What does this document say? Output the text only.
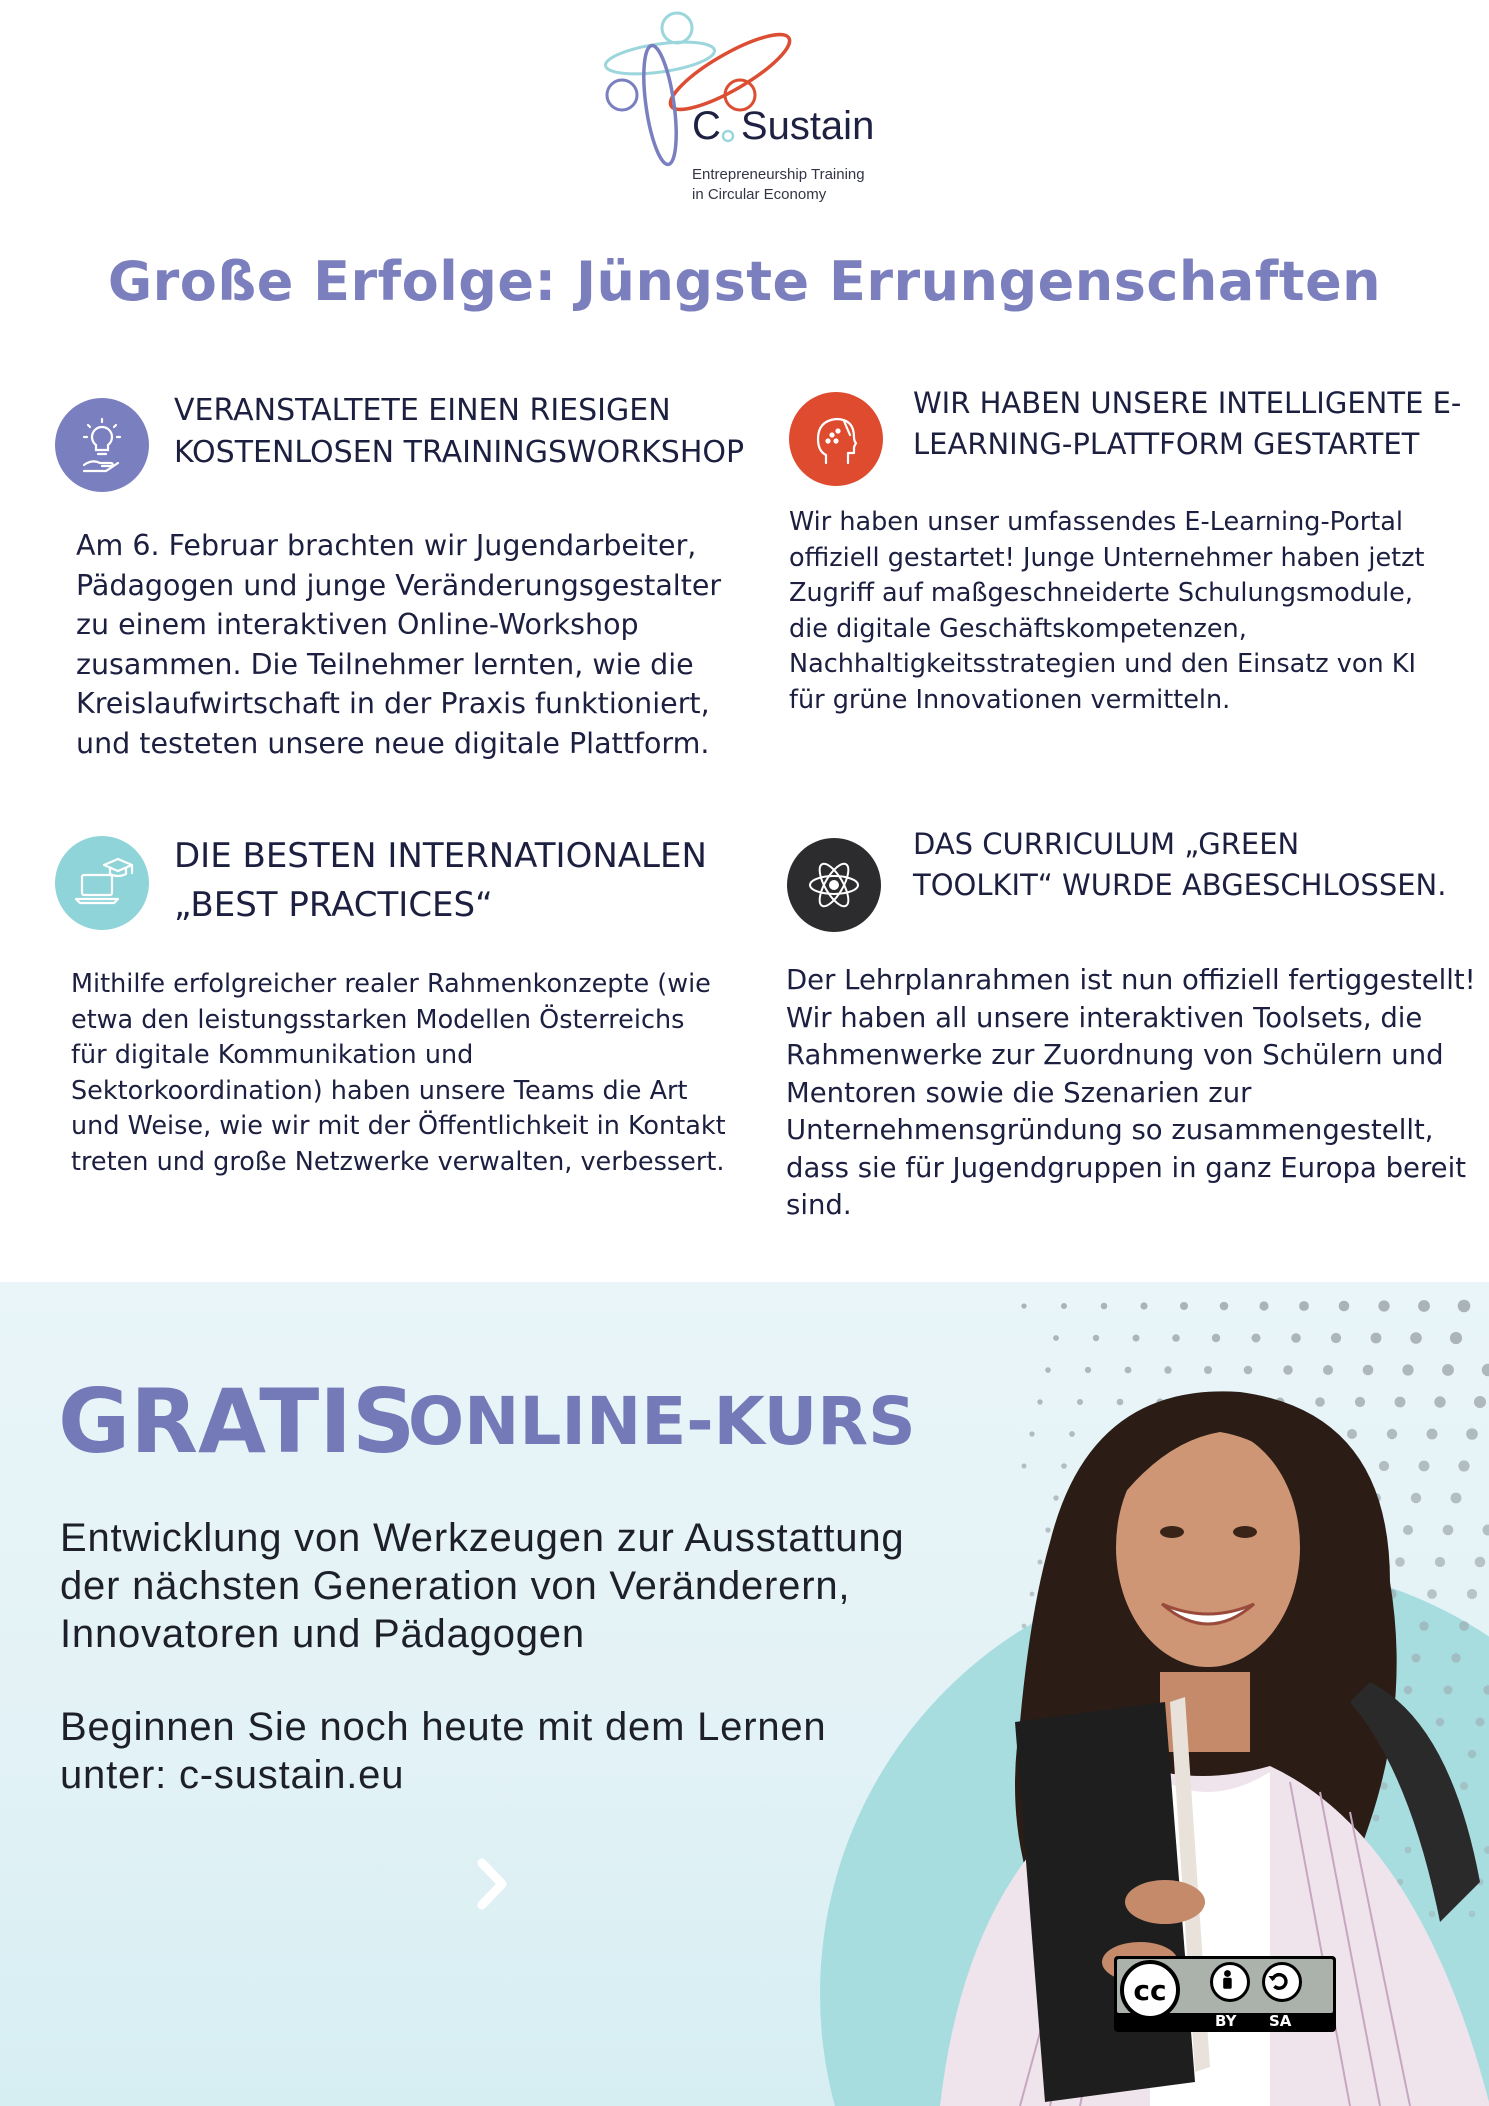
C Sustain
Entrepreneurship Training
in Circular Economy
Große Erfolge: Jüngste Errungenschaften
VERANSTALTETE EINEN RIESIGEN
KOSTENLOSEN TRAININGSWORKSHOP
Am 6. Februar brachten wir Jugendarbeiter,
Pädagogen und junge Veränderungsgestalter
zu einem interaktiven Online-Workshop
zusammen. Die Teilnehmer lernten, wie die
Kreislaufwirtschaft in der Praxis funktioniert,
und testeten unsere neue digitale Plattform.
WIR HABEN UNSERE INTELLIGENTE E-
LEARNING-PLATTFORM GESTARTET
Wir haben unser umfassendes E-Learning-Portal
offiziell gestartet! Junge Unternehmer haben jetzt
Zugriff auf maßgeschneiderte Schulungsmodule,
die digitale Geschäftskompetenzen,
Nachhaltigkeitsstrategien und den Einsatz von KI
für grüne Innovationen vermitteln.
DIE BESTEN INTERNATIONALEN
„BEST PRACTICES“
Mithilfe erfolgreicher realer Rahmenkonzepte (wie
etwa den leistungsstarken Modellen Österreichs
für digitale Kommunikation und
Sektorkoordination) haben unsere Teams die Art
und Weise, wie wir mit der Öffentlichkeit in Kontakt
treten und große Netzwerke verwalten, verbessert.
DAS CURRICULUM „GREEN
TOOLKIT“ WURDE ABGESCHLOSSEN.
Der Lehrplanrahmen ist nun offiziell fertiggestellt!
Wir haben all unsere interaktiven Toolsets, die
Rahmenwerke zur Zuordnung von Schülern und
Mentoren sowie die Szenarien zur
Unternehmensgründung so zusammengestellt,
dass sie für Jugendgruppen in ganz Europa bereit
sind.
GRATIS
ONLINE-KURS
Entwicklung von Werkzeugen zur Ausstattung
der nächsten Generation von Veränderern,
Innovatoren und Pädagogen
Beginnen Sie noch heute mit dem Lernen
unter: c-sustain.eu
cc
BY SA
